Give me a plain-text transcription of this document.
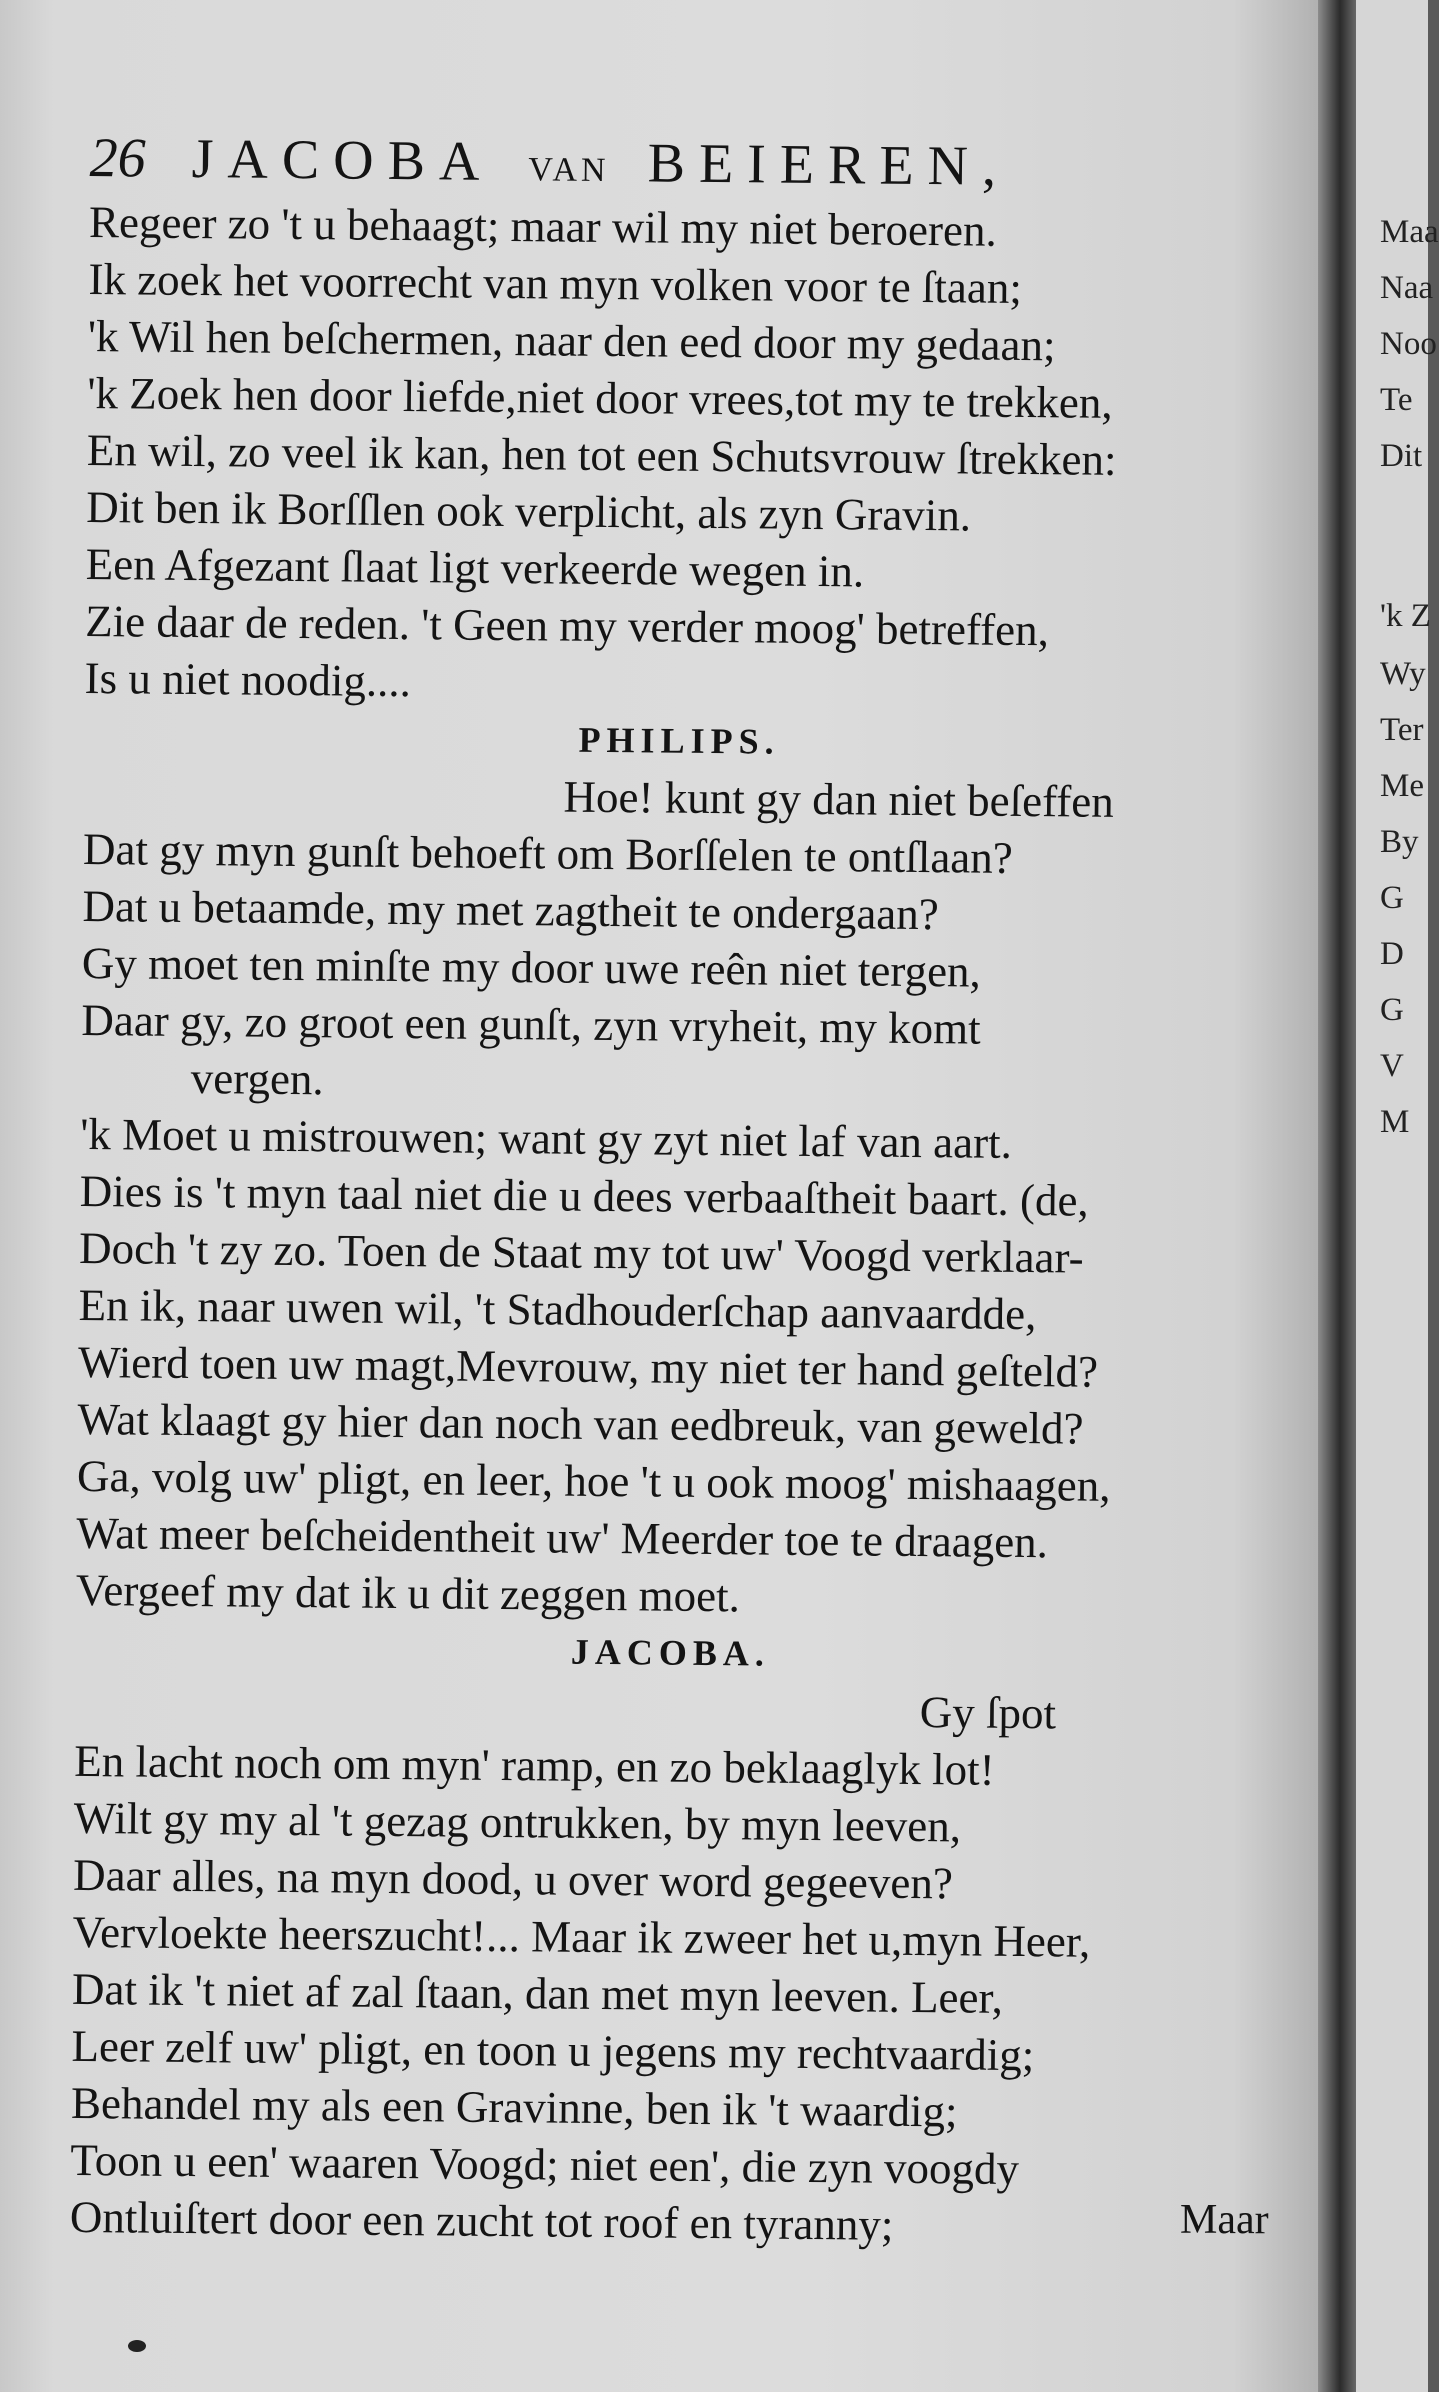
26 JACOBA VAN BEIEREN,
Regeer zo 't u behaagt; maar wil my niet beroeren.
Ik zoek het voorrecht van myn volken voor te ſtaan;
'k Wil hen beſchermen, naar den eed door my gedaan;
'k Zoek hen door liefde,niet door vrees,tot my te trekken,
En wil, zo veel ik kan, hen tot een Schutsvrouw ſtrekken:
Dit ben ik Borſſlen ook verplicht, als zyn Gravin.
Een Afgezant ſlaat ligt verkeerde wegen in.
Zie daar de reden. 't Geen my verder moog' betreffen,
Is u niet noodig....
PHILIPS.
Hoe! kunt gy dan niet beſeffen
Dat gy myn gunſt behoeft om Borſſelen te ontſlaan?
Dat u betaamde, my met zagtheit te ondergaan?
Gy moet ten minſte my door uwe reên niet tergen,
Daar gy, zo groot een gunſt, zyn vryheit, my komt
vergen.
'k Moet u mistrouwen; want gy zyt niet laf van aart.
Dies is 't myn taal niet die u dees verbaaſtheit baart. (de,
Doch 't zy zo. Toen de Staat my tot uw' Voogd verklaar-
En ik, naar uwen wil, 't Stadhouderſchap aanvaardde,
Wierd toen uw magt,Mevrouw, my niet ter hand geſteld?
Wat klaagt gy hier dan noch van eedbreuk, van geweld?
Ga, volg uw' pligt, en leer, hoe 't u ook moog' mishaagen,
Wat meer beſcheidentheit uw' Meerder toe te draagen.
Vergeef my dat ik u dit zeggen moet.
JACOBA.
Gy ſpot
En lacht noch om myn' ramp, en zo beklaaglyk lot!
Wilt gy my al 't gezag ontrukken, by myn leeven,
Daar alles, na myn dood, u over word gegeeven?
Vervloekte heerszucht!... Maar ik zweer het u,myn Heer,
Dat ik 't niet af zal ſtaan, dan met myn leeven. Leer,
Leer zelf uw' pligt, en toon u jegens my rechtvaardig;
Behandel my als een Gravinne, ben ik 't waardig;
Toon u een' waaren Voogd; niet een', die zyn voogdy
Ontluiſtert door een zucht tot roof en tyranny;	Maar
Maa
Naa
Noo
Te
Dit
'k Z
Wy
Ter
Me
By
G
D
G
V
M
